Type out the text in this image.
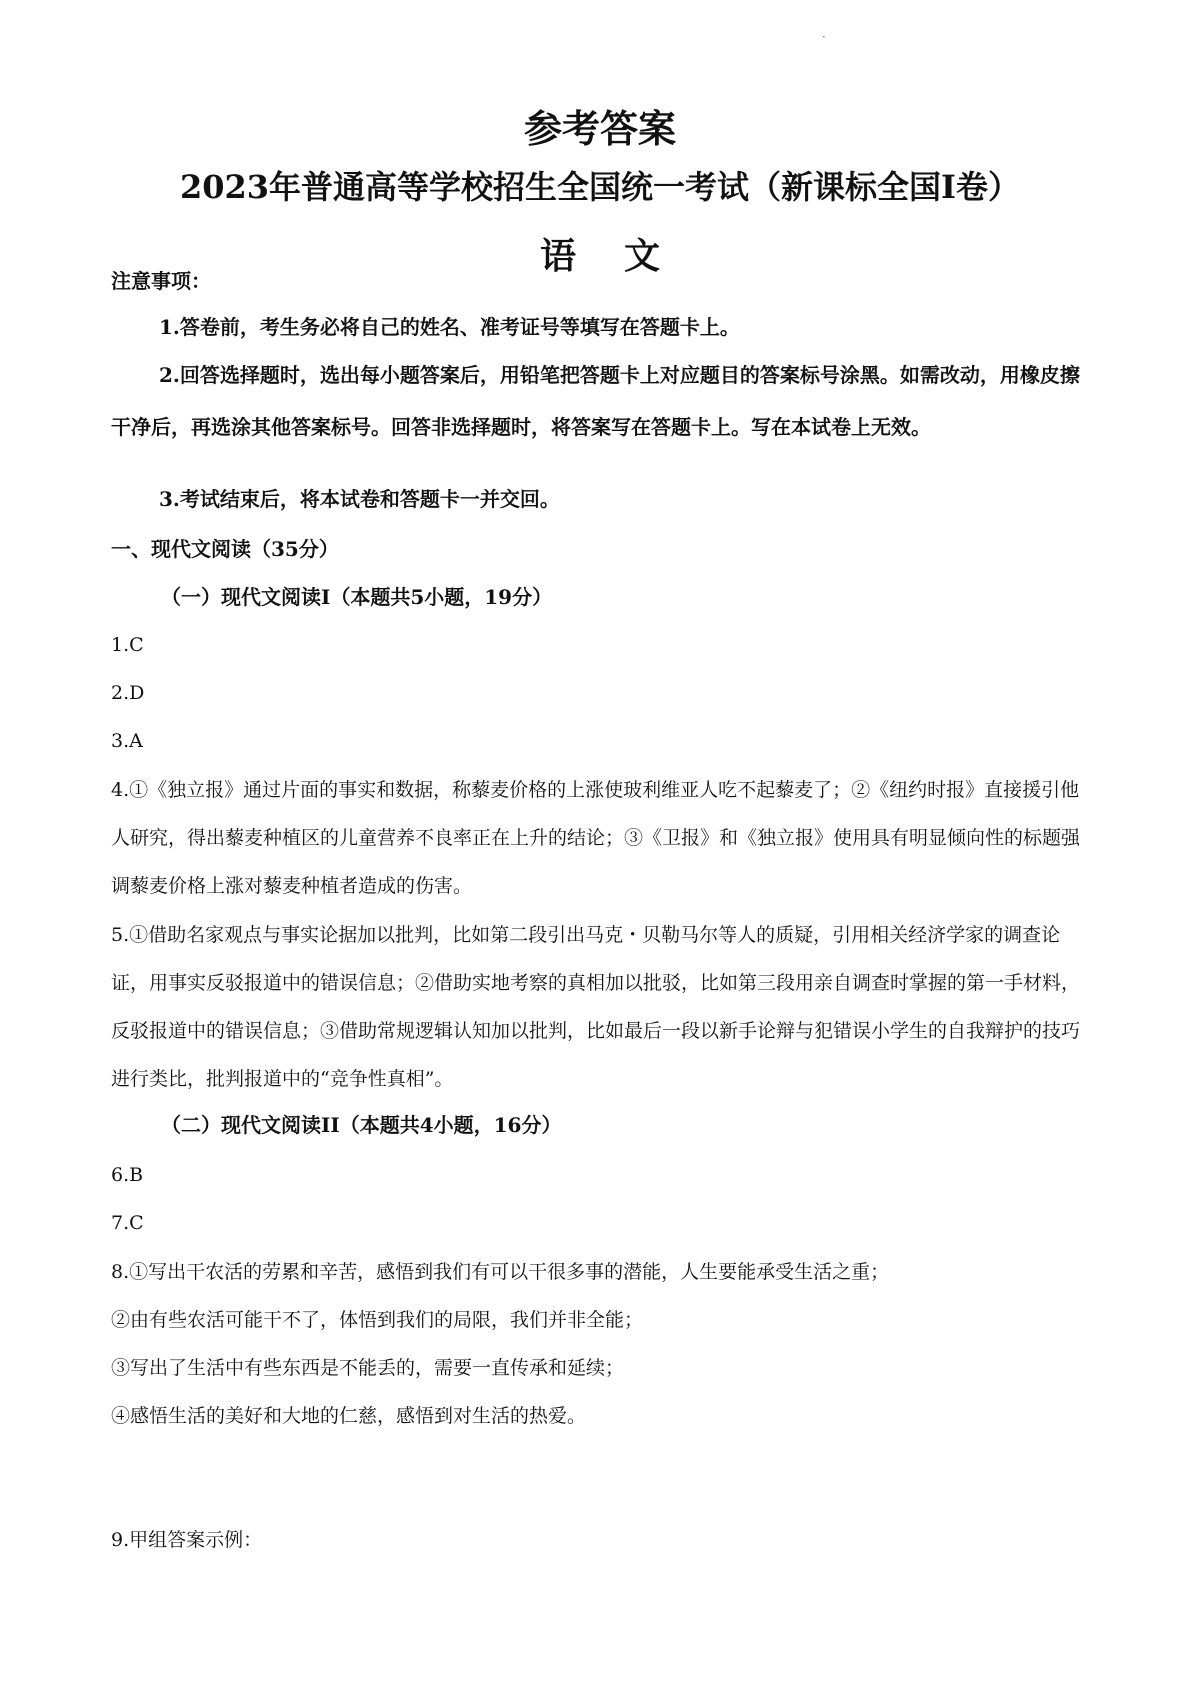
·
参考答案
2023年普通高等学校招生全国统一考试（新课标全国Ⅰ卷）
语文
注意事项：
1.答卷前，考生务必将自己的姓名、准考证号等填写在答题卡上。
2.回答选择题时，选出每小题答案后，用铅笔把答题卡上对应题目的答案标号涂黑。如需改动，用橡皮擦干净后，再选涂其他答案标号。回答非选择题时，将答案写在答题卡上。写在本试卷上无效。
3.考试结束后，将本试卷和答题卡一并交回。
一、现代文阅读（35分）
（一）现代文阅读Ⅰ（本题共5小题，19分）
1.C
2.D
3.A
4.①《独立报》通过片面的事实和数据，称藜麦价格的上涨使玻利维亚人吃不起藜麦了；②《纽约时报》直接援引他人研究，得出藜麦种植区的儿童营养不良率正在上升的结论；③《卫报》和《独立报》使用具有明显倾向性的标题强调藜麦价格上涨对藜麦种植者造成的伤害。
5.①借助名家观点与事实论据加以批判，比如第二段引出马克・贝勒马尔等人的质疑，引用相关经济学家的调查论证，用事实反驳报道中的错误信息；②借助实地考察的真相加以批驳，比如第三段用亲自调查时掌握的第一手材料，反驳报道中的错误信息；③借助常规逻辑认知加以批判，比如最后一段以新手论辩与犯错误小学生的自我辩护的技巧进行类比，批判报道中的“竞争性真相”。
（二）现代文阅读II（本题共4小题，16分）
6.B
7.C
8.①写出干农活的劳累和辛苦，感悟到我们有可以干很多事的潜能，人生要能承受生活之重；
②由有些农活可能干不了，体悟到我们的局限，我们并非全能；
③写出了生活中有些东西是不能丢的，需要一直传承和延续；
④感悟生活的美好和大地的仁慈，感悟到对生活的热爱。
9.甲组答案示例：
